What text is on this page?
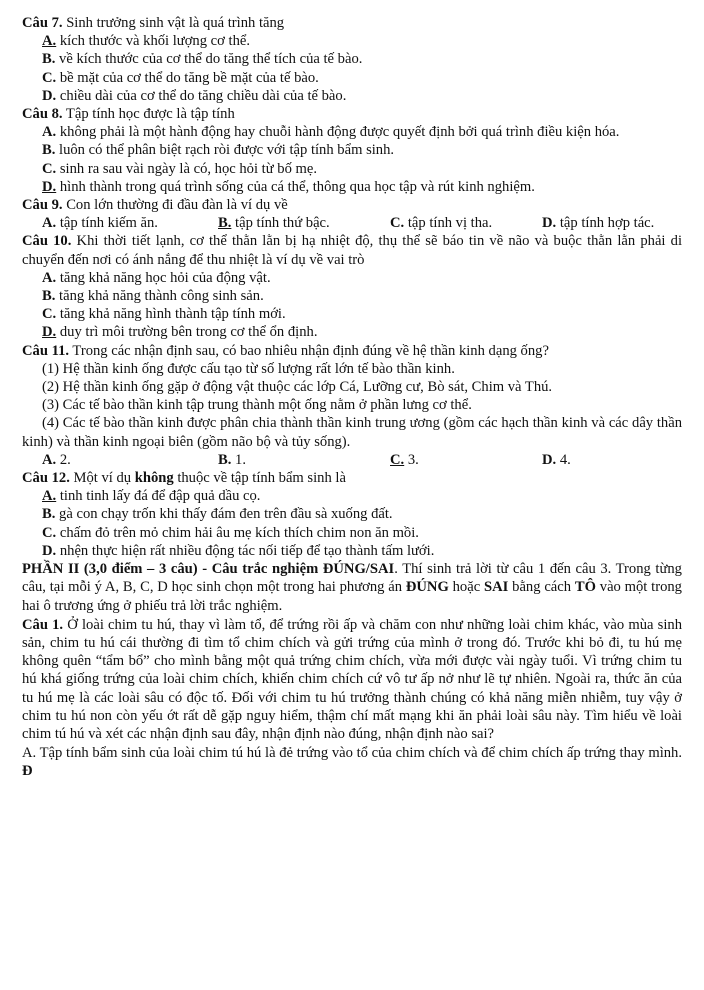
Câu 7. Sinh trưởng sinh vật là quá trình tăng
A. kích thước và khối lượng cơ thể.
B. về kích thước của cơ thể do tăng thể tích của tế bào.
C. bề mặt của cơ thể do tăng bề mặt của tế bào.
D. chiều dài của cơ thể do tăng chiều dài của tế bào.
Câu 8. Tập tính học được là tập tính
A. không phải là một hành động hay chuỗi hành động được quyết định bởi quá trình điều kiện hóa.
B. luôn có thể phân biệt rạch ròi được với tập tính bẩm sinh.
C. sinh ra sau vài ngày là có, học hỏi từ bố mẹ.
D. hình thành trong quá trình sống của cá thể, thông qua học tập và rút kinh nghiệm.
Câu 9. Con lớn thường đi đầu đàn là ví dụ về
A. tập tính kiếm ăn.	B. tập tính thứ bậc.	C. tập tính vị tha.	D. tập tính hợp tác.
Câu 10. Khi thời tiết lạnh, cơ thể thằn lằn bị hạ nhiệt độ, thụ thể sẽ báo tin về não và buộc thằn lằn phải di chuyển đến nơi có ánh nắng để thu nhiệt là ví dụ về vai trò
A. tăng khả năng học hỏi của động vật.
B. tăng khả năng thành công sinh sản.
C. tăng khả năng hình thành tập tính mới.
D. duy trì môi trường bên trong cơ thể ổn định.
Câu 11. Trong các nhận định sau, có bao nhiêu nhận định đúng về hệ thần kinh dạng ống?
(1) Hệ thần kinh ống được cấu tạo từ số lượng rất lớn tế bào thần kinh.
(2) Hệ thần kinh ống gặp ở động vật thuộc các lớp Cá, Lưỡng cư, Bò sát, Chim và Thú.
(3) Các tế bào thần kinh tập trung thành một ống nằm ở phần lưng cơ thể.
(4) Các tế bào thần kinh được phân chia thành thần kinh trung ương (gồm các hạch thần kinh và các dây thần kinh) và thần kinh ngoại biên (gồm não bộ và tủy sống).
A. 2.	B. 1.	C. 3.	D. 4.
Câu 12. Một ví dụ không thuộc về tập tính bẩm sinh là
A. tinh tinh lấy đá để đập quả dầu cọ.
B. gà con chạy trốn khi thấy đám đen trên đầu sà xuống đất.
C. chấm đỏ trên mỏ chim hải âu mẹ kích thích chim non ăn mồi.
D. nhện thực hiện rất nhiều động tác nối tiếp để tạo thành tấm lưới.
PHẦN II (3,0 điểm – 3 câu) - Câu trắc nghiệm ĐÚNG/SAI. Thí sinh trả lời từ câu 1 đến câu 3. Trong từng câu, tại mỗi ý A, B, C, D học sinh chọn một trong hai phương án ĐÚNG hoặc SAI bằng cách TÔ vào một trong hai ô trương ứng ở phiếu trả lời trắc nghiệm.
Câu 1. Ở loài chim tu hú, thay vì làm tổ, để trứng rồi ấp và chăm con như những loài chim khác, vào mùa sinh sản, chim tu hú cái thường đi tìm tổ chim chích và gửi trứng của mình ở trong đó. Trước khi bỏ đi, tu hú mẹ không quên “tẩm bổ” cho mình bằng một quả trứng chim chích, vừa mới được vài ngày tuổi. Vì trứng chim tu hú khá giống trứng của loài chim chích, khiến chim chích cứ vô tư ấp nở như lẽ tự nhiên. Ngoài ra, thức ăn của tu hú mẹ là các loài sâu có độc tố. Đối với chim tu hú trưởng thành chúng có khả năng miễn nhiễm, tuy vậy ở chim tu hú non còn yếu ớt rất dễ gặp nguy hiểm, thậm chí mất mạng khi ăn phải loài sâu này. Tìm hiểu về loài chim tú hú và xét các nhận định sau đây, nhận định nào đúng, nhận định nào sai?
A. Tập tính bẩm sinh của loài chim tú hú là đẻ trứng vào tổ của chim chích và để chim chích ấp trứng thay mình. Đ
